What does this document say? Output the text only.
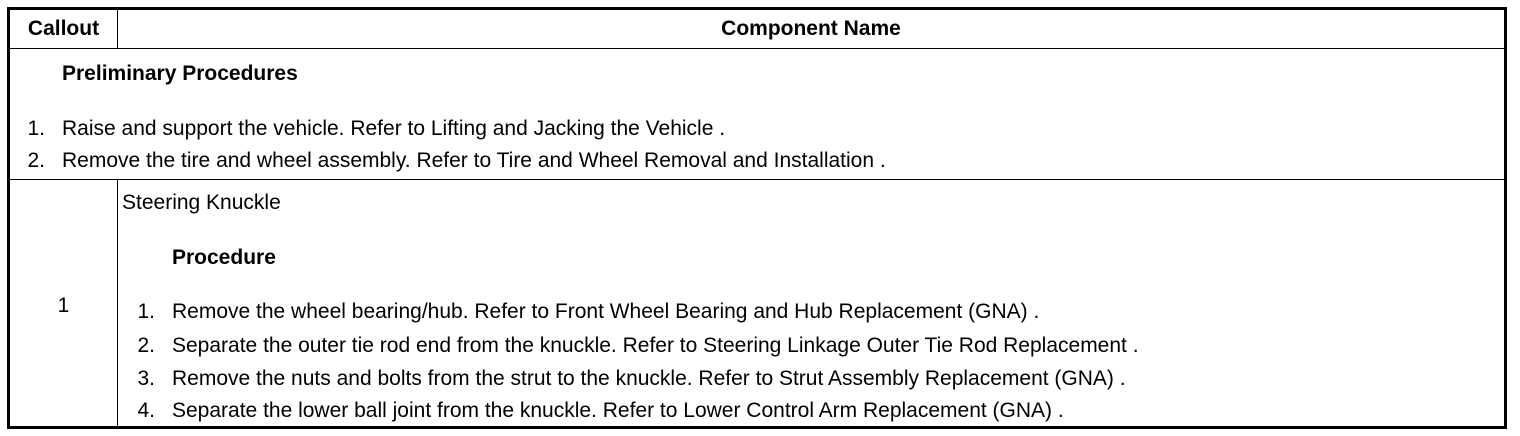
Callout	Component Name
Preliminary Procedures
1. Raise and support the vehicle. Refer to Lifting and Jacking the Vehicle .
2. Remove the tire and wheel assembly. Refer to Tire and Wheel Removal and Installation .
1
Steering Knuckle
Procedure
1. Remove the wheel bearing/hub. Refer to Front Wheel Bearing and Hub Replacement (GNA) .
2. Separate the outer tie rod end from the knuckle. Refer to Steering Linkage Outer Tie Rod Replacement .
3. Remove the nuts and bolts from the strut to the knuckle. Refer to Strut Assembly Replacement (GNA) .
4. Separate the lower ball joint from the knuckle. Refer to Lower Control Arm Replacement (GNA) .
